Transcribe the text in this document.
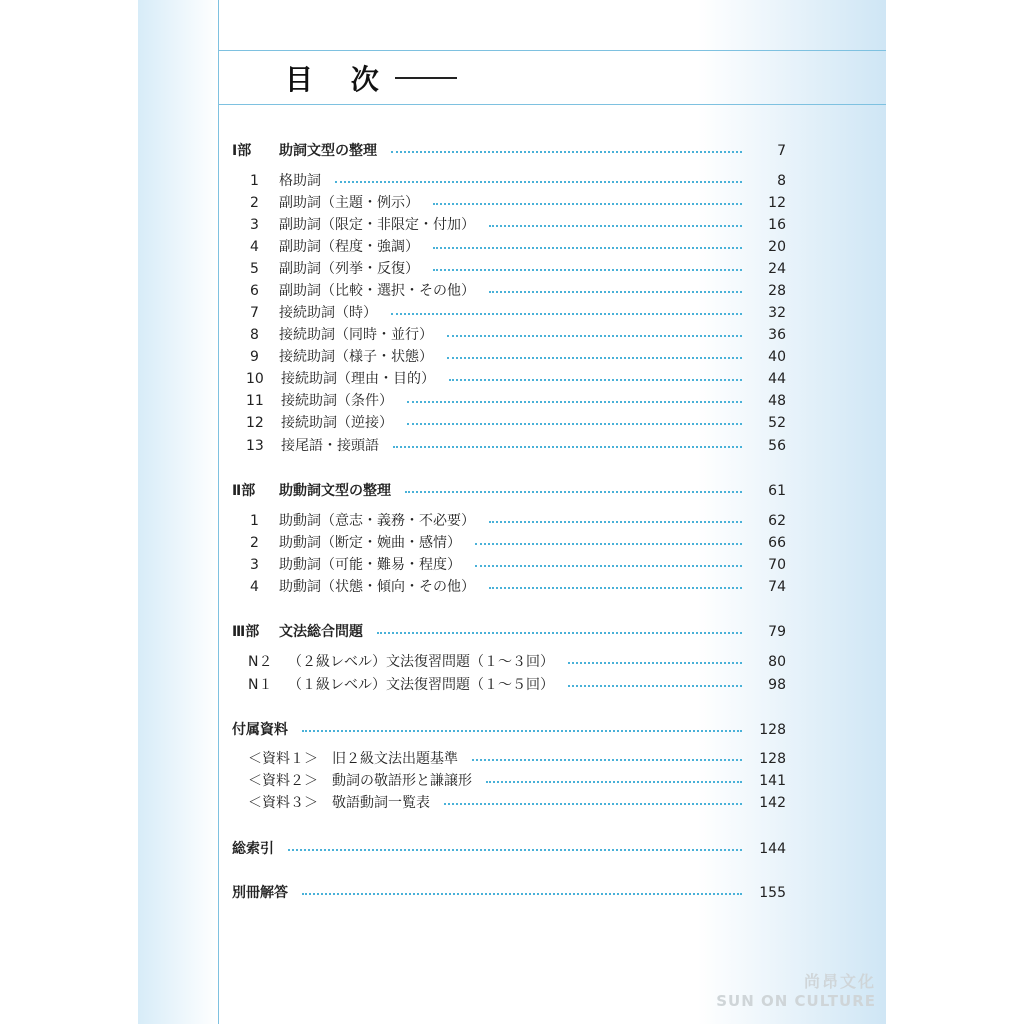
目 次
Ⅰ部 助詞文型の整理	7
1 格助詞	8
2 副助詞（主題・例示）	12
3 副助詞（限定・非限定・付加）	16
4 副助詞（程度・強調）	20
5 副助詞（列挙・反復）	24
6 副助詞（比較・選択・その他）	28
7 接続助詞（時）	32
8 接続助詞（同時・並行）	36
9 接続助詞（様子・状態）	40
10 接続助詞（理由・目的）	44
11 接続助詞（条件）	48
12 接続助詞（逆接）	52
13 接尾語・接頭語	56
Ⅱ部 助動詞文型の整理	61
1 助動詞（意志・義務・不必要）	62
2 助動詞（断定・婉曲・感情）	66
3 助動詞（可能・難易・程度）	70
4 助動詞（状態・傾向・その他）	74
Ⅲ部 文法総合問題	79
N２ （２級レベル）文法復習問題（１～３回）	80
N１ （１級レベル）文法復習問題（１～５回）	98
付属資料	128
＜資料１＞　旧２級文法出題基準	128
＜資料２＞　動詞の敬語形と謙譲形	141
＜資料３＞　敬語動詞一覧表	142
総索引	144
別冊解答	155
尚昂文化
SUN ON CULTURE
